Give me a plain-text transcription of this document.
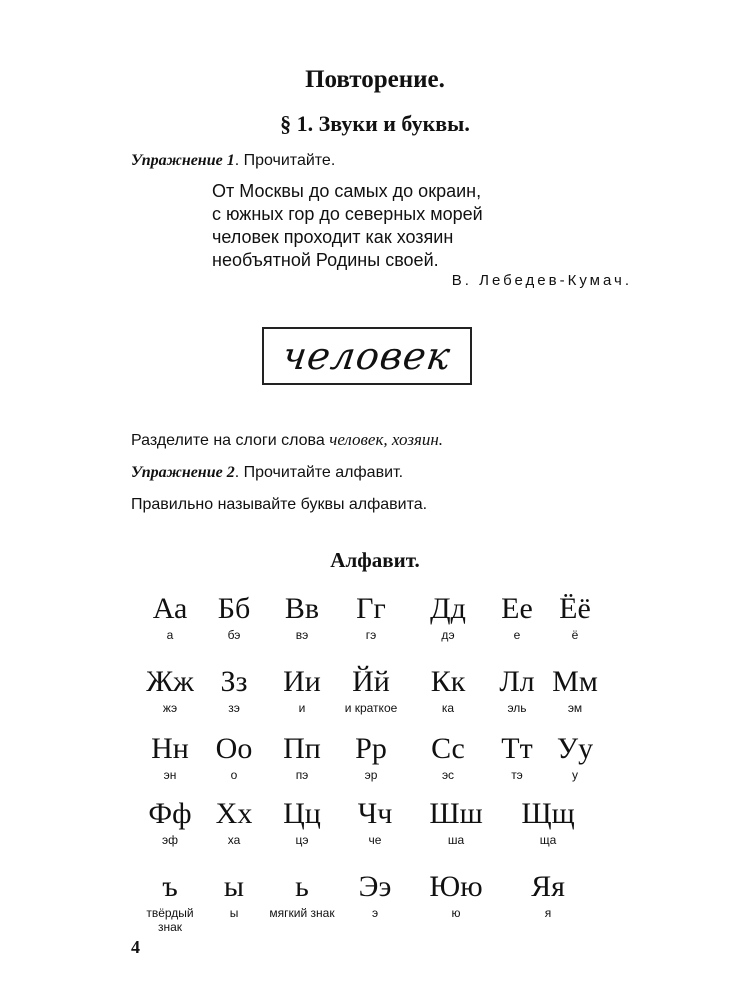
Повторение.
§ 1. Звуки и буквы.
Упражнение 1. Прочитайте.
От Москвы до самых до окраин,
с южных гор до северных морей
человек проходит как хозяин
необъятной Родины своей.
В. Лебедев-Кумач.
человек
Разделите на слоги слова человек, хозяин.
Упражнение 2. Прочитайте алфавит.
Правильно называйте буквы алфавита.
Алфавит.
Аа
а
Бб
бэ
Вв
вэ
Гг
гэ
Дд
дэ
Ее
е
Ёё
ё
Жж
жэ
Зз
зэ
Ии
и
Йй
и краткое
Кк
ка
Лл
эль
Мм
эм
Нн
эн
Оо
о
Пп
пэ
Рр
эр
Сс
эс
Тт
тэ
Уу
у
Фф
эф
Хх
ха
Цц
цэ
Чч
че
Шш
ша
Щщ
ща
ъ
твёрдый знак
ы
ы
ь
мягкий знак
Ээ
э
Юю
ю
Яя
я
4
